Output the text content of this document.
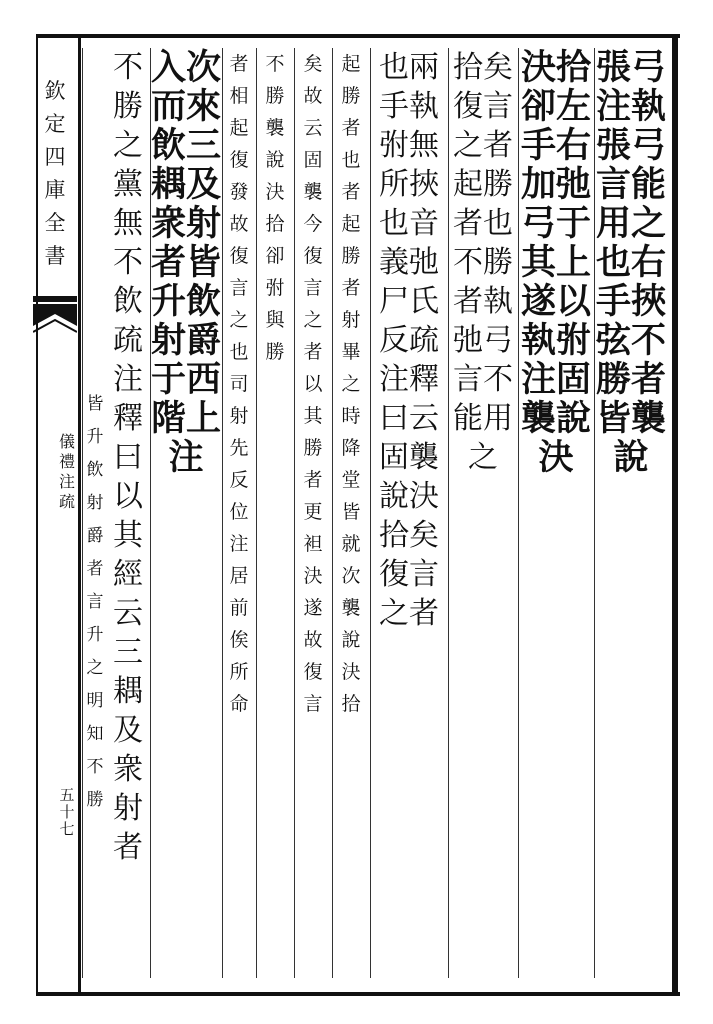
欽定四庫全書
儀禮注疏
五十七
張弓注執張弓言能用之也右手挾弦不勝者皆襲說
決拾卻左手右加弛弓于其上遂以執弣注固襲說決
拾矣復言之者起勝者也不勝者執弛弓言不能用之
也兩手執弣無所挾也音義弛尸氏反疏注釋曰云固襲說決拾矣復言之者
起勝者也者起勝者射畢之時降堂皆就次襲說決拾
矣故云固襲今復言之者以其勝者更袒決遂故復言
不勝襲說決拾卻弣與勝
者相起復發故復言之也司射先反位注居前俟所命
入次而來飲三耦及衆射者皆升飲射爵于西階上注
不勝之黨無不飲疏注釋曰以其經云三耦及衆射者
皆升飲射爵者言升之明知不勝
